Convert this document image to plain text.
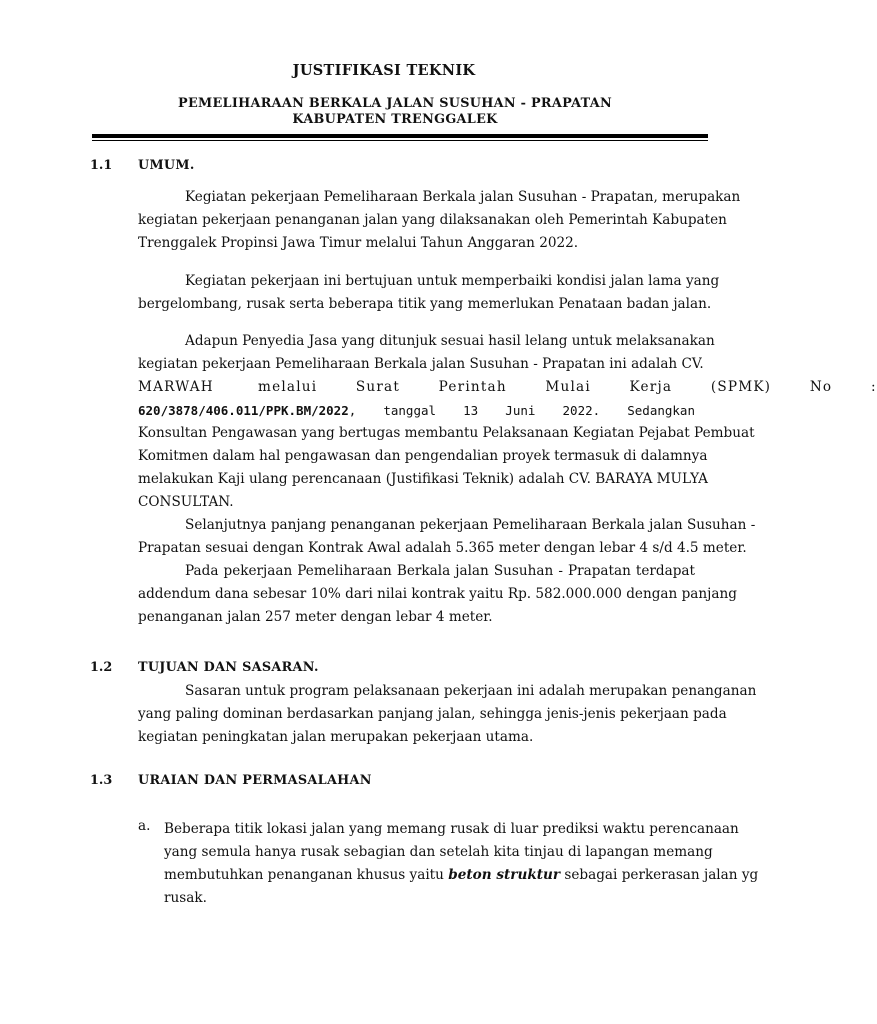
JUSTIFIKASI TEKNIK
PEMELIHARAAN BERKALA JALAN SUSUHAN - PRAPATAN
KABUPATEN TRENGGALEK
1.1 UMUM.
Kegiatan pekerjaan Pemeliharaan Berkala jalan Susuhan - Prapatan, merupakan
kegiatan pekerjaan penanganan jalan yang dilaksanakan oleh Pemerintah Kabupaten
Trenggalek Propinsi Jawa Timur melalui Tahun Anggaran 2022.
Kegiatan pekerjaan ini bertujuan untuk memperbaiki kondisi jalan lama yang
bergelombang, rusak serta beberapa titik yang memerlukan Penataan badan jalan.
Adapun Penyedia Jasa yang ditunjuk sesuai hasil lelang untuk melaksanakan
kegiatan pekerjaan Pemeliharaan Berkala jalan Susuhan - Prapatan ini adalah CV.
MARWAH        melalui       Surat       Perintah       Mulai       Kerja       (SPMK)       No       :
620/3878/406.011/PPK.BM/2022, tanggal 13 Juni 2022. Sedangkan
Konsultan Pengawasan yang bertugas membantu Pelaksanaan Kegiatan Pejabat Pembuat
Komitmen dalam hal pengawasan dan pengendalian proyek termasuk di dalamnya
melakukan Kaji ulang perencanaan (Justifikasi Teknik) adalah CV. BARAYA MULYA
CONSULTAN.
Selanjutnya panjang penanganan pekerjaan Pemeliharaan Berkala jalan Susuhan -
Prapatan sesuai dengan Kontrak Awal adalah 5.365 meter dengan lebar 4 s/d 4.5 meter.
Pada pekerjaan Pemeliharaan Berkala jalan Susuhan - Prapatan terdapat
addendum dana sebesar 10% dari nilai kontrak yaitu Rp. 582.000.000 dengan panjang
penanganan jalan 257 meter dengan lebar 4 meter.
1.2 TUJUAN DAN SASARAN.
Sasaran untuk program pelaksanaan pekerjaan ini adalah merupakan penanganan
yang paling dominan berdasarkan panjang jalan, sehingga jenis-jenis pekerjaan pada
kegiatan peningkatan jalan merupakan pekerjaan utama.
1.3 URAIAN DAN PERMASALAHAN
a. Beberapa titik lokasi jalan yang memang rusak di luar prediksi waktu perencanaan
yang semula hanya rusak sebagian dan setelah kita tinjau di lapangan memang
membutuhkan penanganan khusus yaitu beton struktur sebagai perkerasan jalan yg
rusak.
